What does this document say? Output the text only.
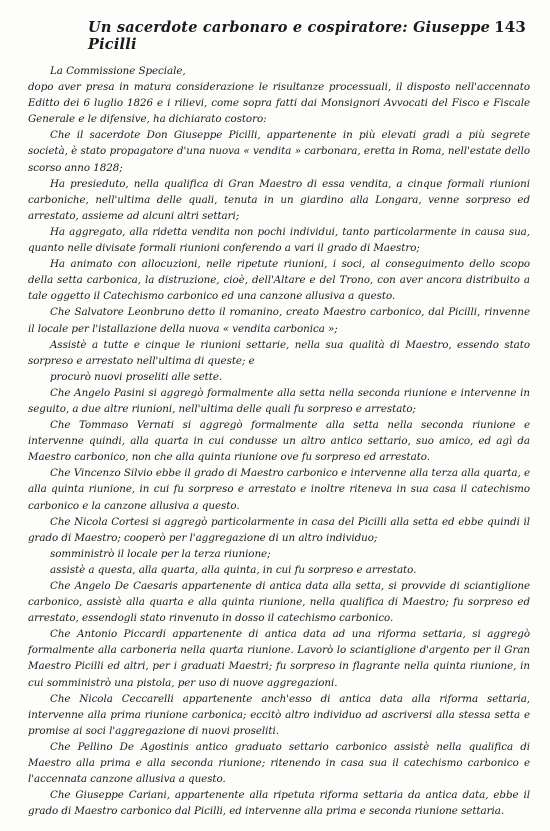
Un sacerdote carbonaro e cospiratore: Giuseppe Picilli
143

La Commissione Speciale,

dopo aver presa in matura considerazione le risultanze processuali, il disposto nell'accennato Editto dei 6 luglio 1826 e i rilievi, come sopra fatti dai Monsignori Avvocati del Fisco e Fiscale Generale e le difensive, ha dichiarato costoro:

Che il sacerdote Don Giuseppe Picilli, appartenente in più elevati gradi a più segrete società, è stato propagatore d'una nuova « vendita » carbonara, eretta in Roma, nell'estate dello scorso anno 1828;

Ha presieduto, nella qualifica di Gran Maestro di essa vendita, a cinque formali riunioni carboniche, nell'ultima delle quali, tenuta in un giardino alla Longara, venne sorpreso ed arrestato, assieme ad alcuni altri settari;

Ha aggregato, alla ridetta vendita non pochi individui, tanto particolarmente in causa sua, quanto nelle divisate formali riunioni conferendo a vari il grado di Maestro;

Ha animato con allocuzioni, nelle ripetute riunioni, i soci, al conseguimento dello scopo della setta carbonica, la distruzione, cioè, dell'Altare e del Trono, con aver ancora distribuito a tale oggetto il Catechismo carbonico ed una canzone allusiva a questo.

Che Salvatore Leonbruno detto il romanino, creato Maestro carbonico, dal Picilli, rinvenne il locale per l'istallazione della nuova « vendita carbonica »;

Assistè a tutte e cinque le riunioni settarie, nella sua qualità di Maestro, essendo stato sorpreso e arrestato nell'ultima di queste; e

procurò nuovi proseliti alle sette.

Che Angelo Pasini si aggregò formalmente alla setta nella seconda riunione e intervenne in seguito, a due altre riunioni, nell'ultima delle quali fu sorpreso e arrestato;

Che Tommaso Vernati si aggregò formalmente alla setta nella seconda riunione e intervenne quindi, alla quarta in cui condusse un altro antico settario, suo amico, ed agì da Maestro carbonico, non che alla quinta riunione ove fu sorpreso ed arrestato.

Che Vincenzo Silvio ebbe il grado di Maestro carbonico e intervenne alla terza alla quarta, e alla quinta riunione, in cui fu sorpreso e arrestato e inoltre riteneva in sua casa il catechismo carbonico e la canzone allusiva a questo.

Che Nicola Cortesi si aggregò particolarmente in casa del Picilli alla setta ed ebbe quindi il grado di Maestro; cooperò per l'aggregazione di un altro individuo;

somministrò il locale per la terza riunione;

assistè a questa, alla quarta, alla quinta, in cui fu sorpreso e arrestato.

Che Angelo De Caesaris appartenente di antica data alla setta, si provvide di sciantiglione carbonico, assistè alla quarta e alla quinta riunione, nella qualifica di Maestro; fu sorpreso ed arrestato, essendogli stato rinvenuto in dosso il catechismo carbonico.

Che Antonio Piccardi appartenente di antica data ad una riforma settaria, si aggregò formalmente alla carboneria nella quarta riunione. Lavorò lo sciantiglione d'argento per il Gran Maestro Picilli ed altri, per i graduati Maestri; fu sorpreso in flagrante nella quinta riunione, in cui somministrò una pistola, per uso di nuove aggregazioni.

Che Nicola Ceccarelli appartenente anch'esso di antica data alla riforma settaria, intervenne alla prima riunione carbonica; eccitò altro individuo ad ascriversi alla stessa setta e promise ai soci l'aggregazione di nuovi proseliti.

Che Pellino De Agostinis antico graduato settario carbonico assistè nella qualifica di Maestro alla prima e alla seconda riunione; ritenendo in casa sua il catechismo carbonico e l'accennata canzone allusiva a questo.

Che Giuseppe Cariani, appartenente alla ripetuta riforma settaria da antica data, ebbe il grado di Maestro carbonico dal Picilli, ed intervenne alla prima e seconda riunione settaria.
